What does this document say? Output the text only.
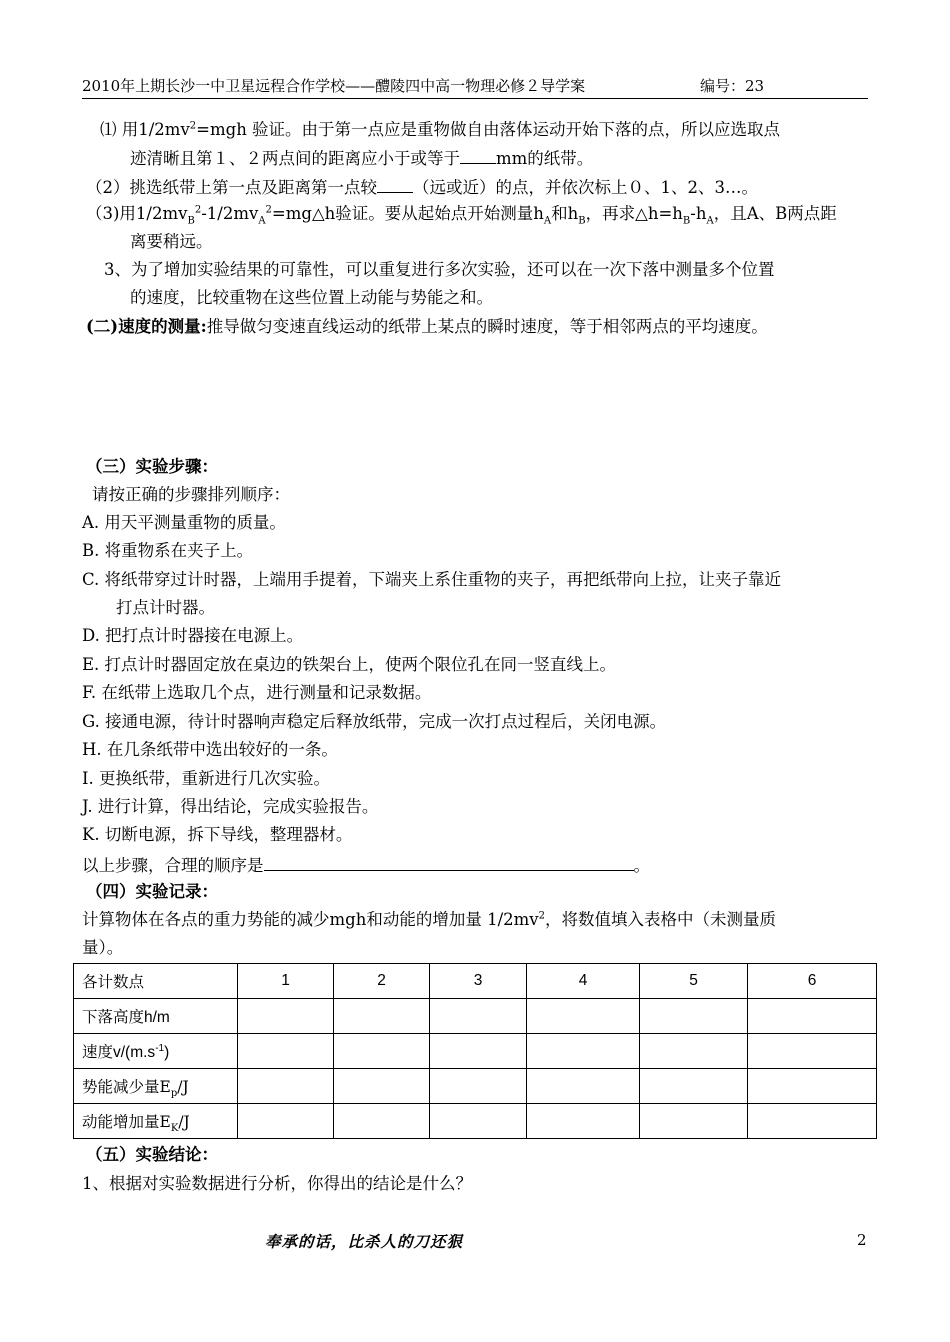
2010年上期长沙一中卫星远程合作学校——醴陵四中高一物理必修２导学案	编号：23
⑴ 用$1/2mv^2=mgh$ 验证。由于第一点应是重物做自由落体运动开始下落的点，所以应选取点
迹清晰且第１、２两点间的距离应小于或等于 mm的纸带。
（2）挑选纸带上第一点及距离第一点较 （远或近）的点，并依次标上０、1、2、3…。
（3)用$1/2mv_B^2-1/2mv_A^2=mg\triangle h$验证。要从起始点开始测量$h_A$和$h_B$，再求$\triangle h=h_B-h_A$，且A、B两点距
离要稍远。
3、为了增加实验结果的可靠性，可以重复进行多次实验，还可以在一次下落中测量多个位置
的速度，比较重物在这些位置上动能与势能之和。
(二)速度的测量:推导做匀变速直线运动的纸带上某点的瞬时速度，等于相邻两点的平均速度。
（三）实验步骤：
请按正确的步骤排列顺序：
A. 用天平测量重物的质量。
B. 将重物系在夹子上。
C. 将纸带穿过计时器，上端用手提着，下端夹上系住重物的夹子，再把纸带向上拉，让夹子靠近
打点计时器。
D. 把打点计时器接在电源上。
E. 打点计时器固定放在桌边的铁架台上，使两个限位孔在同一竖直线上。
F. 在纸带上选取几个点，进行测量和记录数据。
G. 接通电源，待计时器响声稳定后释放纸带，完成一次打点过程后，关闭电源。
H. 在几条纸带中选出较好的一条。
I. 更换纸带，重新进行几次实验。
J. 进行计算，得出结论，完成实验报告。
K. 切断电源，拆下导线，整理器材。
以上步骤，合理的顺序是	。
（四）实验记录：
计算物体在各点的重力势能的减少mgh和动能的增加量 $1/2mv^2$，将数值填入表格中（未测量质
量）。
各计数点	1	2	3	4	5	6
下落高度h/m						
速度$v/(m.s^{-1})$						
势能减少量$E_p/J$						
动能增加量$E_K/J$						
（五）实验结论：
1、根据对实验数据进行分析，你得出的结论是什么？
奉承的话，比杀人的刀还狠	2
